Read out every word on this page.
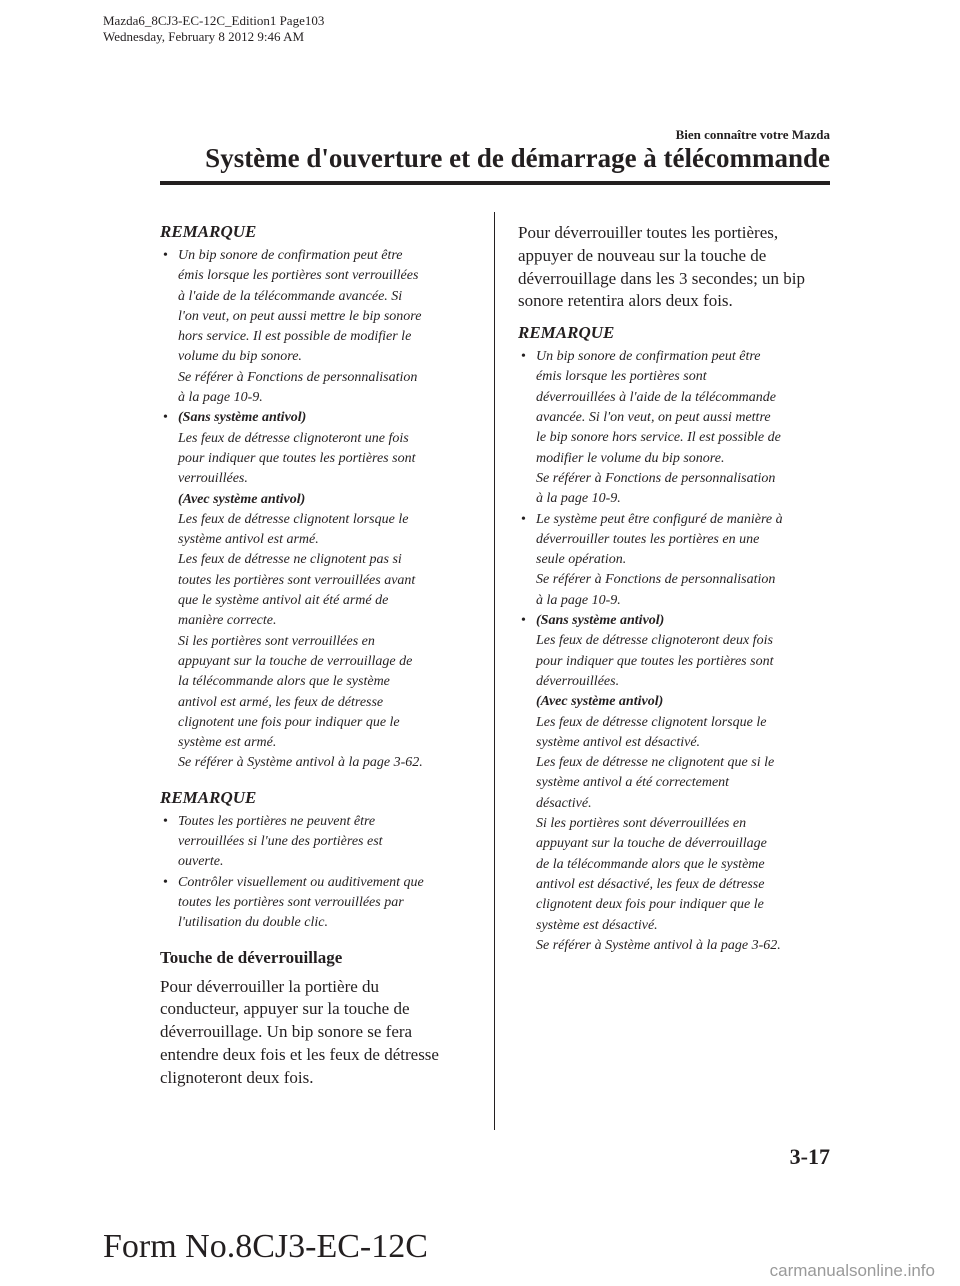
Mazda6_8CJ3-EC-12C_Edition1 Page103
Wednesday, February 8 2012 9:46 AM
Bien connaître votre Mazda
Système d'ouverture et de démarrage à télécommande
REMARQUE
• Un bip sonore de confirmation peut être
émis lorsque les portières sont verrouillées
à l'aide de la télécommande avancée. Si
l'on veut, on peut aussi mettre le bip sonore
hors service. Il est possible de modifier le
volume du bip sonore.
Se référer à Fonctions de personnalisation
à la page 10-9.
• (Sans système antivol)
Les feux de détresse clignoteront une fois
pour indiquer que toutes les portières sont
verrouillées.
(Avec système antivol)
Les feux de détresse clignotent lorsque le
système antivol est armé.
Les feux de détresse ne clignotent pas si
toutes les portières sont verrouillées avant
que le système antivol ait été armé de
manière correcte.
Si les portières sont verrouillées en
appuyant sur la touche de verrouillage de
la télécommande alors que le système
antivol est armé, les feux de détresse
clignotent une fois pour indiquer que le
système est armé.
Se référer à Système antivol à la page 3-62.
REMARQUE
• Toutes les portières ne peuvent être
verrouillées si l'une des portières est
ouverte.
• Contrôler visuellement ou auditivement que
toutes les portières sont verrouillées par
l'utilisation du double clic.
Touche de déverrouillage
Pour déverrouiller la portière du
conducteur, appuyer sur la touche de
déverrouillage. Un bip sonore se fera
entendre deux fois et les feux de détresse
clignoteront deux fois.
Pour déverrouiller toutes les portières,
appuyer de nouveau sur la touche de
déverrouillage dans les 3 secondes; un bip
sonore retentira alors deux fois.
REMARQUE
• Un bip sonore de confirmation peut être
émis lorsque les portières sont
déverrouillées à l'aide de la télécommande
avancée. Si l'on veut, on peut aussi mettre
le bip sonore hors service. Il est possible de
modifier le volume du bip sonore.
Se référer à Fonctions de personnalisation
à la page 10-9.
• Le système peut être configuré de manière à
déverrouiller toutes les portières en une
seule opération.
Se référer à Fonctions de personnalisation
à la page 10-9.
• (Sans système antivol)
Les feux de détresse clignoteront deux fois
pour indiquer que toutes les portières sont
déverrouillées.
(Avec système antivol)
Les feux de détresse clignotent lorsque le
système antivol est désactivé.
Les feux de détresse ne clignotent que si le
système antivol a été correctement
désactivé.
Si les portières sont déverrouillées en
appuyant sur la touche de déverrouillage
de la télécommande alors que le système
antivol est désactivé, les feux de détresse
clignotent deux fois pour indiquer que le
système est désactivé.
Se référer à Système antivol à la page 3-62.
3-17
Form No.8CJ3-EC-12C
carmanualsonline.info
